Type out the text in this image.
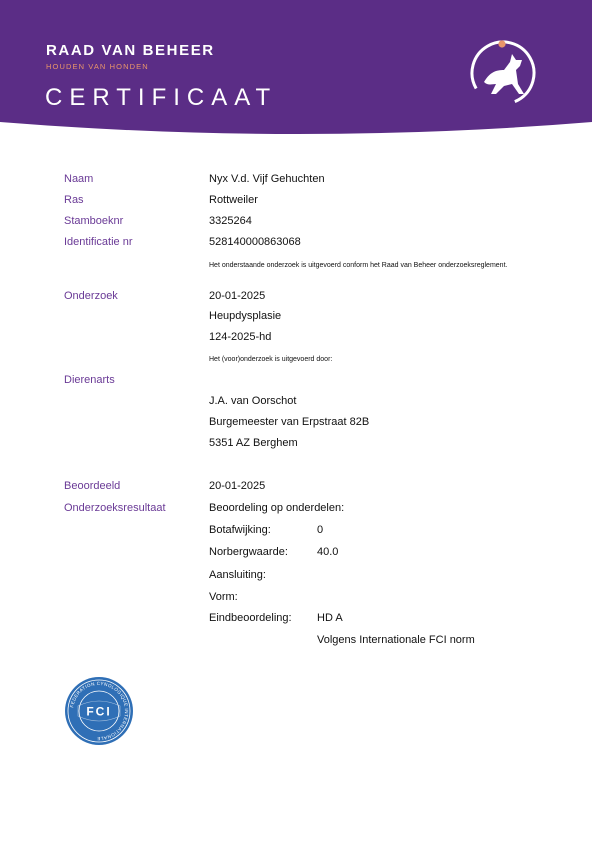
RAAD VAN BEHEER
HOUDEN VAN HONDEN
CERTIFICAAT
Naam	Nyx V.d. Vijf Gehuchten
Ras	Rottweiler
Stamboeknr	3325264
Identificatie nr	528140000863068
Het onderstaande onderzoek is uitgevoerd conform het Raad van Beheer onderzoeksreglement.
Onderzoek	20-01-2025
Heupdysplasie
124-2025-hd
Het (voor)onderzoek is uitgevoerd door:
Dierenarts
J.A. van Oorschot
Burgemeester van Erpstraat 82B
5351 AZ Berghem
Beoordeeld	20-01-2025
Onderzoeksresultaat	Beoordeling op onderdelen:
Botafwijking:	0
Norbergwaarde:	40.0
Aansluiting:
Vorm:
Eindbeoordeling: HD A
Volgens Internationale FCI norm
FEDERATION CYNOLOGIQUE INTERNATIONALE
FCI
